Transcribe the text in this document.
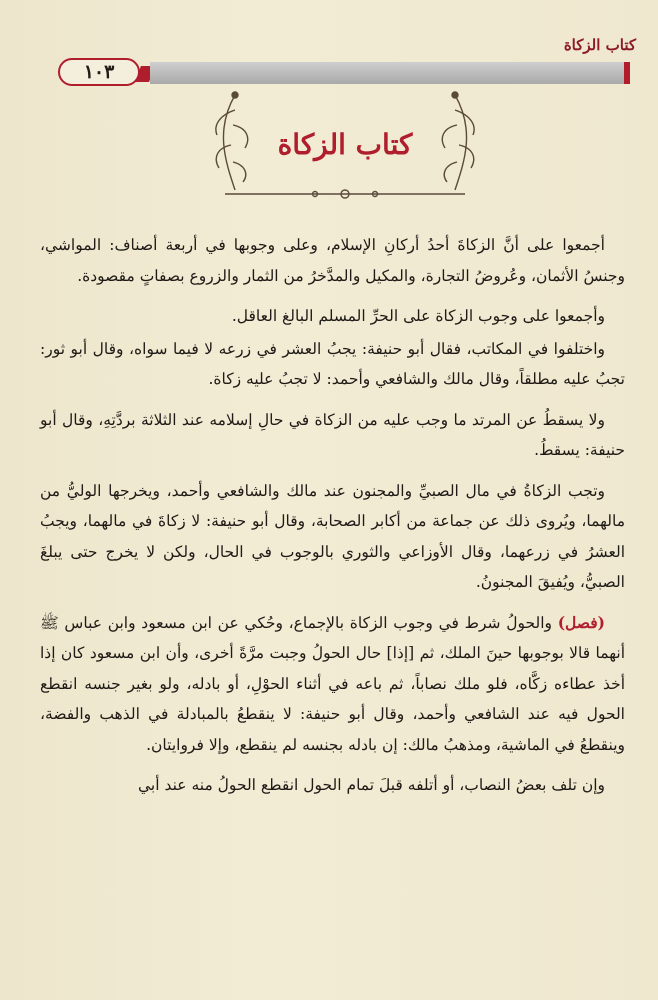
كتاب الزكاة
١٠٣
كتاب الزكاة

أجمعوا على أنَّ الزكاةَ أحدُ أركانِ الإسلام، وعلى وجوبها في أربعة أصناف: المواشي، وجنسُ الأثمان، وعُروضُ التجارة، والمكيل والمدَّخرُ من الثمار والزروع بصفاتٍ مقصودة.

وأجمعوا على وجوب الزكاة على الحرِّ المسلم البالغ العاقل.

واختلفوا في المكاتب، فقال أبو حنيفة: يجبُ العشر في زرعه لا فيما سواه، وقال أبو ثور: تجبُ عليه مطلقاً، وقال مالك والشافعي وأحمد: لا تجبُ عليه زكاة.

ولا يسقطُ عن المرتد ما وجب عليه من الزكاة في حالِ إسلامه عند الثلاثة بردَّتِهِ، وقال أبو حنيفة: يسقطُ.

وتجب الزكاةُ في مال الصبيِّ والمجنون عند مالك والشافعي وأحمد، ويخرجها الوليُّ من مالهما، ويُروى ذلك عن جماعة من أكابر الصحابة، وقال أبو حنيفة: لا زكاةَ في مالهما، ويجبُ العشرُ في زرعهما، وقال الأوزاعي والثوري بالوجوب في الحال، ولكن لا يخرج حتى يبلغَ الصبيُّ، ويُفيقَ المجنونُ.

(فصل) والحولُ شرط في وجوب الزكاة بالإجماع، وحُكي عن ابن مسعود وابن عباس ﷺ أنهما قالا بوجوبها حينَ الملك، ثم [إذا] حال الحولُ وجبت مرَّةً أخرى، وأن ابن مسعود كان إذا أخذ عطاءه زكَّاه، فلو ملك نصاباً، ثم باعه في أثناء الحوْلِ، أو بادله، ولو بغير جنسه انقطع الحول فيه عند الشافعي وأحمد، وقال أبو حنيفة: لا ينقطعُ بالمبادلة في الذهب والفضة، وينقطعُ في الماشية، ومذهبُ مالك: إن بادله بجنسه لم ينقطع، وإلا فروايتان.

وإن تلف بعضُ النصاب، أو أتلفه قبلَ تمام الحول انقطع الحولُ منه عند أبي
